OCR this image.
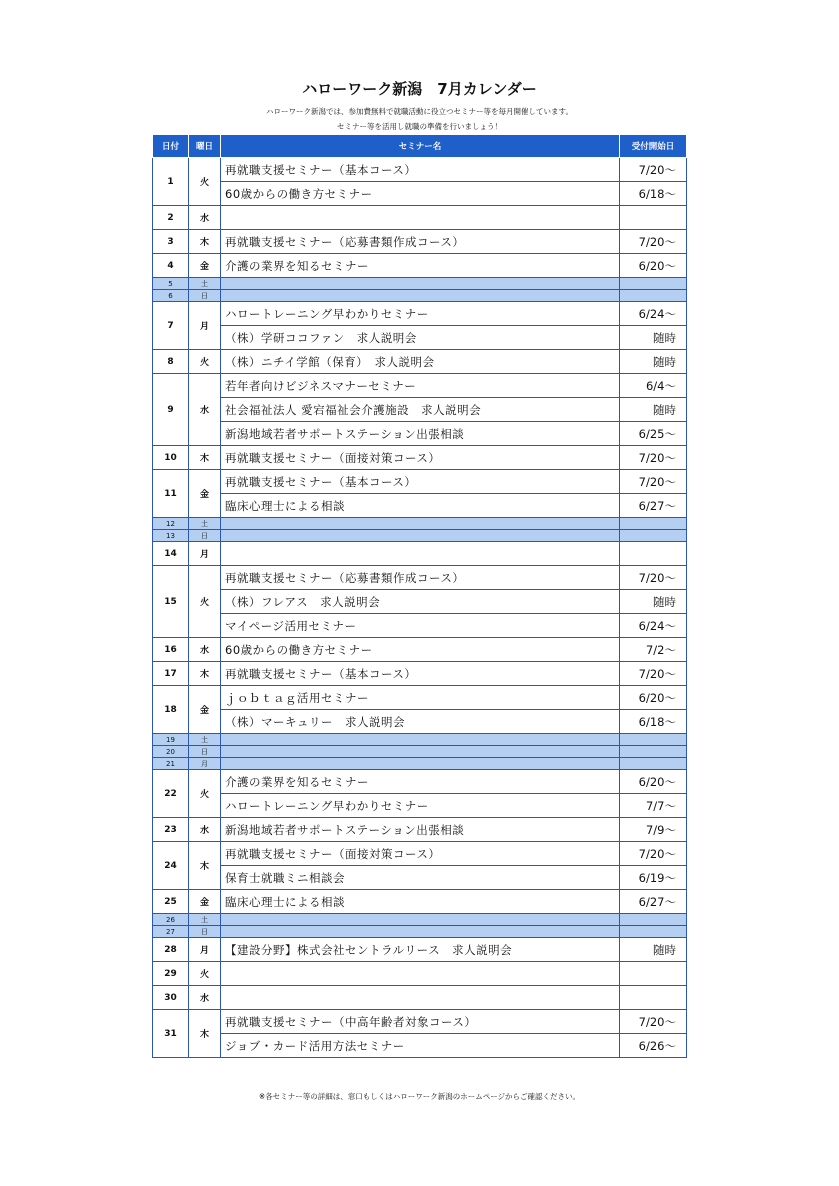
ハローワーク新潟　7月カレンダー
ハローワーク新潟では、参加費無料で就職活動に役立つセミナー等を毎月開催しています。
セミナー等を活用し就職の準備を行いましょう！
日付	曜日	セミナー名	受付開始日
1	火	再就職支援セミナー（基本コース）	7/20～
		60歳からの働き方セミナー	6/18～
2	水		
3	木	再就職支援セミナー（応募書類作成コース）	7/20～
4	金	介護の業界を知るセミナー	6/20～
5	土		
6	日		
7	月	ハロートレーニング早わかりセミナー	6/24～
		（株）学研ココファン　求人説明会	随時
8	火	（株）ニチイ学館（保育）　求人説明会	随時
9	水	若年者向けビジネスマナーセミナー	6/4～
		社会福祉法人 愛宕福祉会介護施設　求人説明会	随時
		新潟地域若者サポートステーション出張相談	6/25～
10	木	再就職支援セミナー（面接対策コース）	7/20～
11	金	再就職支援セミナー（基本コース）	7/20～
		臨床心理士による相談	6/27～
12	土		
13	日		
14	月		
15	火	再就職支援セミナー（応募書類作成コース）	7/20～
		（株）フレアス　求人説明会	随時
		マイページ活用セミナー	6/24～
16	水	60歳からの働き方セミナー	7/2～
17	木	再就職支援セミナー（基本コース）	7/20～
18	金	ｊｏｂｔａｇ活用セミナー	6/20～
		（株）マーキュリー　求人説明会	6/18～
19	土		
20	日		
21	月		
22	火	介護の業界を知るセミナー	6/20～
		ハロートレーニング早わかりセミナー	7/7～
23	水	新潟地域若者サポートステーション出張相談	7/9～
24	木	再就職支援セミナー（面接対策コース）	7/20～
		保育士就職ミニ相談会	6/19～
25	金	臨床心理士による相談	6/27～
26	土		
27	日		
28	月	【建設分野】株式会社セントラルリース　求人説明会	随時
29	火		
30	水		
31	木	再就職支援セミナー（中高年齢者対象コース）	7/20～
		ジョブ・カード活用方法セミナー	6/26～
※各セミナー等の詳細は、窓口もしくはハローワーク新潟のホームページからご確認ください。
